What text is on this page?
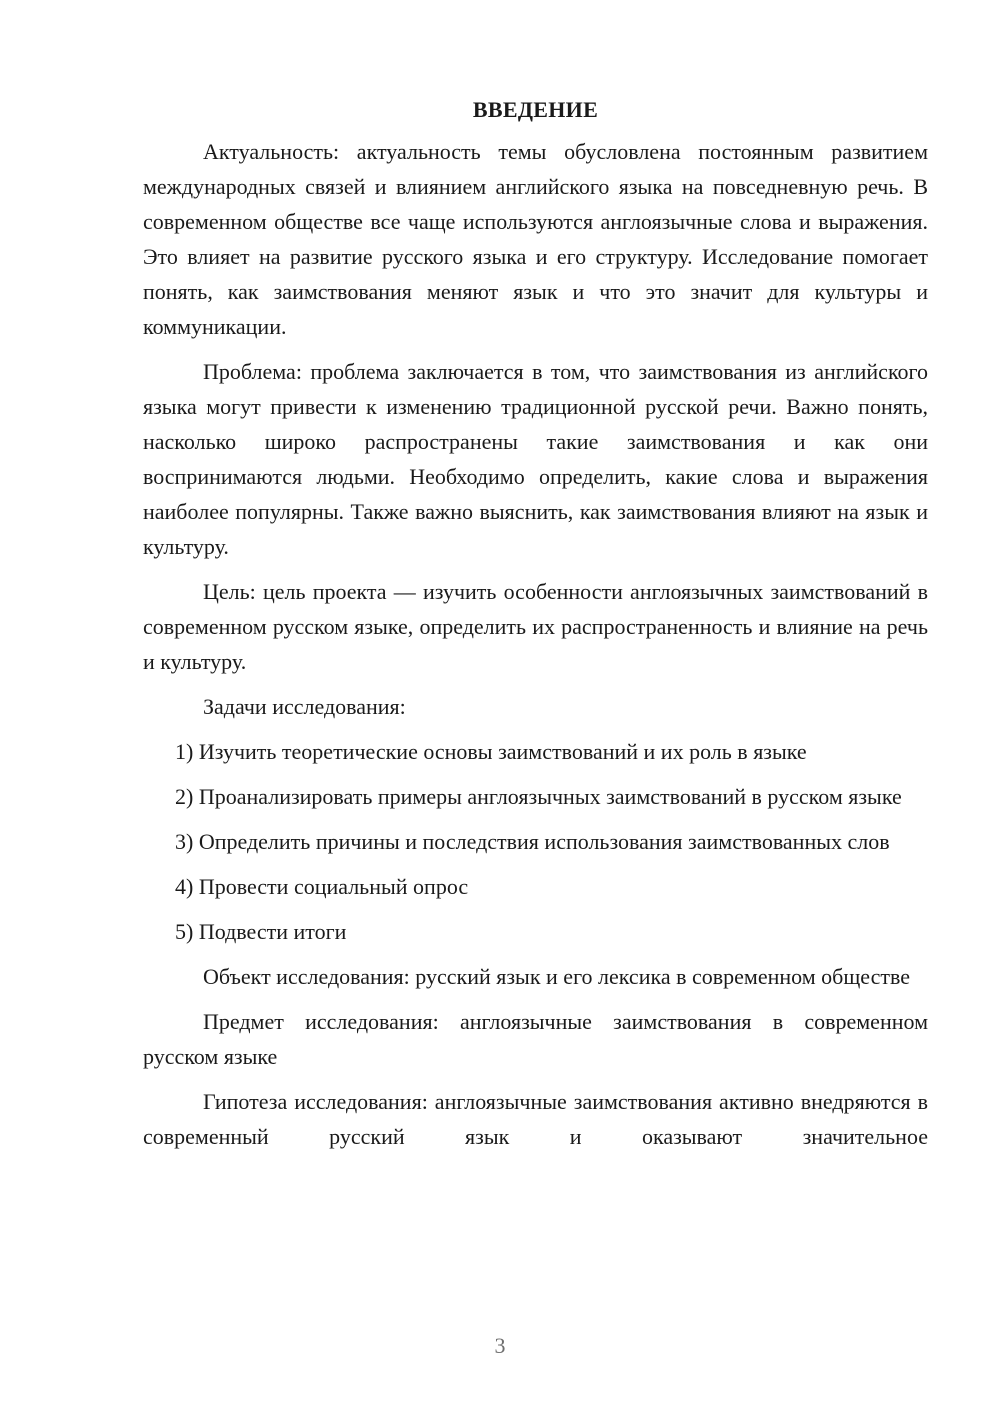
ВВЕДЕНИЕ

Актуальность: актуальность темы обусловлена постоянным развитием международных связей и влиянием английского языка на повседневную речь. В современном обществе все чаще используются англоязычные слова и выражения. Это влияет на развитие русского языка и его структуру. Исследование помогает понять, как заимствования меняют язык и что это значит для культуры и коммуникации.

Проблема: проблема заключается в том, что заимствования из английского языка могут привести к изменению традиционной русской речи. Важно понять, насколько широко распространены такие заимствования и как они воспринимаются людьми. Необходимо определить, какие слова и выражения наиболее популярны. Также важно выяснить, как заимствования влияют на язык и культуру.

Цель: цель проекта — изучить особенности англоязычных заимствований в современном русском языке, определить их распространенность и влияние на речь и культуру.

Задачи исследования:

1) Изучить теоретические основы заимствований и их роль в языке

2) Проанализировать примеры англоязычных заимствований в русском языке

3) Определить причины и последствия использования заимствованных слов

4) Провести социальный опрос

5) Подвести итоги

Объект исследования: русский язык и его лексика в современном обществе

Предмет исследования: англоязычные заимствования в современном русском языке

Гипотеза исследования: англоязычные заимствования активно внедряются в современный русский язык и оказывают значительное

3
